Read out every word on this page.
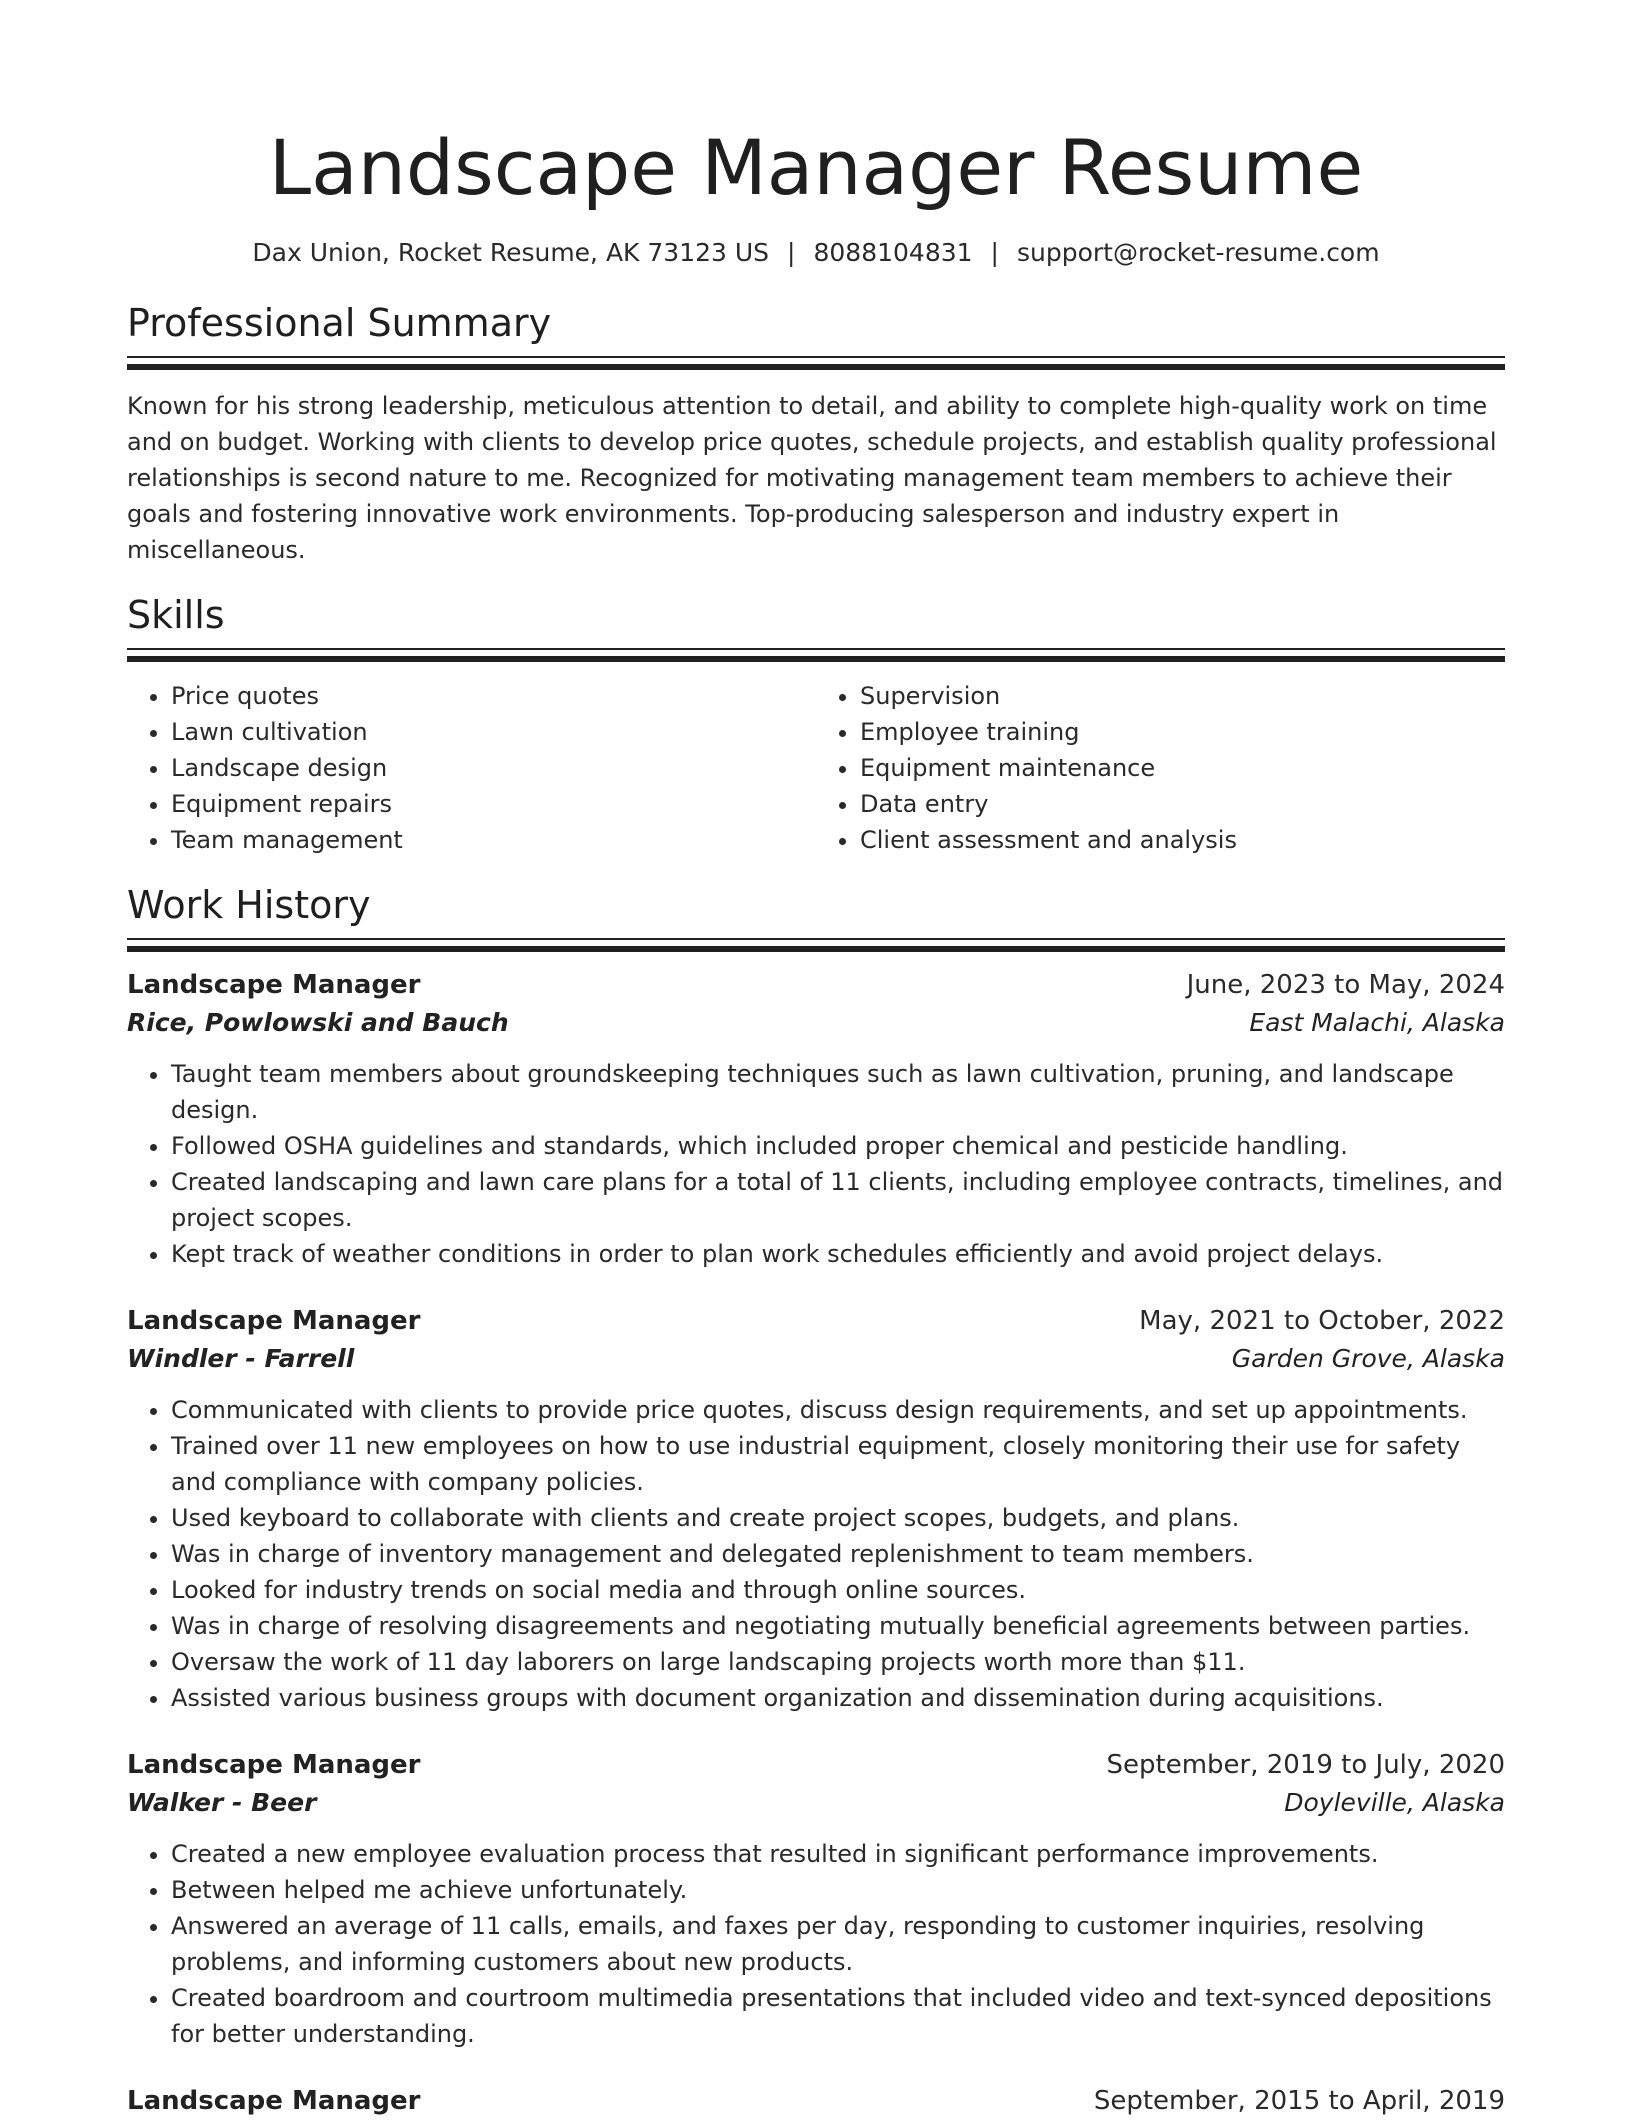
Landscape Manager Resume
Dax Union, Rocket Resume, AK 73123 US | 8088104831 | support@rocket-resume.com
Professional Summary

Known for his strong leadership, meticulous attention to detail, and ability to complete high-quality work on time and on budget. Working with clients to develop price quotes, schedule projects, and establish quality professional relationships is second nature to me. Recognized for motivating management team members to achieve their goals and fostering innovative work environments. Top-producing salesperson and industry expert in miscellaneous.

Skills
• Price quotes
• Lawn cultivation
• Landscape design
• Equipment repairs
• Team management
• Supervision
• Employee training
• Equipment maintenance
• Data entry
• Client assessment and analysis
Work History
Landscape Manager	June, 2023 to May, 2024
Rice, Powlowski and Bauch	East Malachi, Alaska
• Taught team members about groundskeeping techniques such as lawn cultivation, pruning, and landscape design.
• Followed OSHA guidelines and standards, which included proper chemical and pesticide handling.
• Created landscaping and lawn care plans for a total of 11 clients, including employee contracts, timelines, and project scopes.
• Kept track of weather conditions in order to plan work schedules efficiently and avoid project delays.
Landscape Manager	May, 2021 to October, 2022
Windler - Farrell	Garden Grove, Alaska
• Communicated with clients to provide price quotes, discuss design requirements, and set up appointments.
• Trained over 11 new employees on how to use industrial equipment, closely monitoring their use for safety and compliance with company policies.
• Used keyboard to collaborate with clients and create project scopes, budgets, and plans.
• Was in charge of inventory management and delegated replenishment to team members.
• Looked for industry trends on social media and through online sources.
• Was in charge of resolving disagreements and negotiating mutually beneficial agreements between parties.
• Oversaw the work of 11 day laborers on large landscaping projects worth more than $11.
• Assisted various business groups with document organization and dissemination during acquisitions.
Landscape Manager	September, 2019 to July, 2020
Walker - Beer	Doyleville, Alaska
• Created a new employee evaluation process that resulted in significant performance improvements.
• Between helped me achieve unfortunately.
• Answered an average of 11 calls, emails, and faxes per day, responding to customer inquiries, resolving problems, and informing customers about new products.
• Created boardroom and courtroom multimedia presentations that included video and text-synced depositions for better understanding.
Landscape Manager	September, 2015 to April, 2019
